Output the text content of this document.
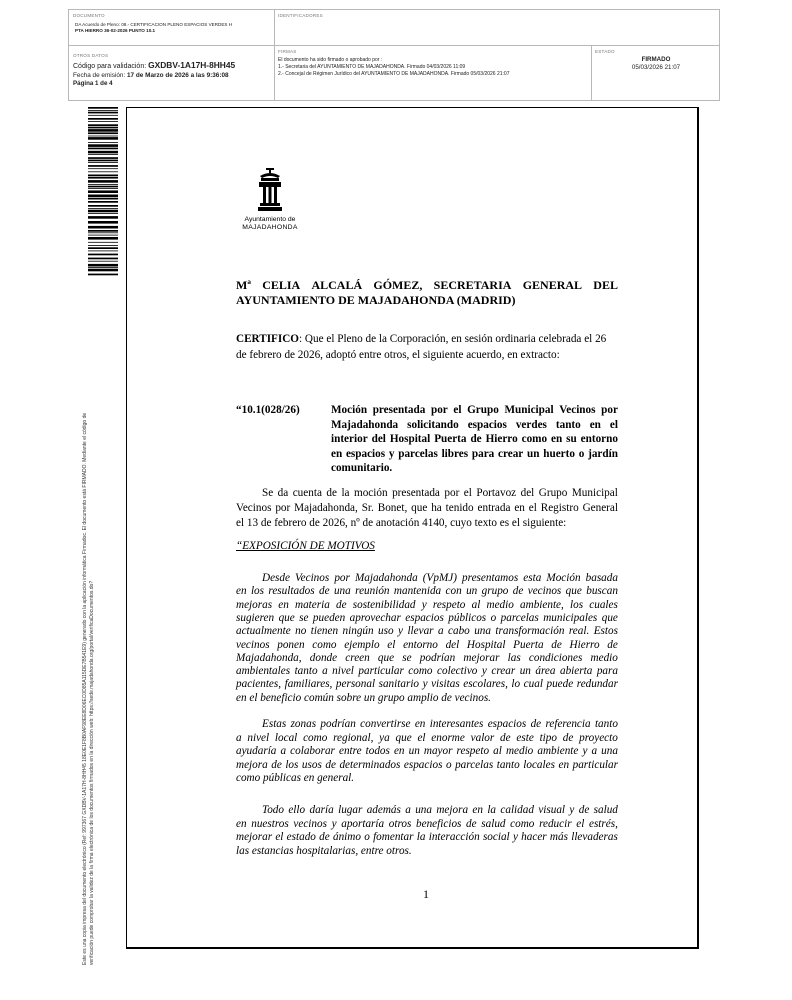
DOCUMENTO
DA Acuerdo de Pleno: 08.- CERTIFICACION PLENO ESPACIOS VERDES H
PTA HIERRO 36-02-2026 PUNTO 10.1
IDENTIFICADORES
OTROS DATOS
Código para validación: GXDBV-1A17H-8HH45
Fecha de emisión: 17 de Marzo de 2026 a las 9:36:08
Página 1 de 4
FIRMAS
El documento ha sido firmado o aprobado por :
1.- Secretaria del AYUNTAMIENTO DE MAJADAHONDA. Firmado 04/03/2026 11:09
2.- Concejal de Régimen Jurídico del AYUNTAMIENTO DE MAJADAHONDA. Firmado 05/03/2026 21:07
ESTADO
FIRMADO
05/03/2026 21:07
Este es una copia impresa del documento electrónico (Ref: 997367 GXDBV-1A17H-8HH45 18E0E1F8B0AF98EE8D06EC0D85A115DE7B541E9) generado con la aplicación informática Firmadoc. El documento está FIRMADO. Mediante el código de verificación puede comprobar la validez de la firma electrónica de los documentos firmados en la dirección web: https://sede.majadahonda.org/portal/verificaDocumentos.do?
Ayuntamiento de
MAJADAHONDA
Mª CELIA ALCALÁ GÓMEZ, SECRETARIA GENERAL DEL
AYUNTAMIENTO DE MAJADAHONDA (MADRID)
CERTIFICO: Que el Pleno de la Corporación, en sesión ordinaria celebrada el 26
de febrero de 2026, adoptó entre otros, el siguiente acuerdo, en extracto:
“10.1(028/26)	Moción presentada por el Grupo Municipal Vecinos por
Majadahonda solicitando espacios verdes tanto en el
interior del Hospital Puerta de Hierro como en su entorno
en espacios y parcelas libres para crear un huerto o jardín
comunitario.
Se da cuenta de la moción presentada por el Portavoz del Grupo Municipal
Vecinos por Majadahonda, Sr. Bonet, que ha tenido entrada en el Registro General
el 13 de febrero de 2026, nº de anotación 4140, cuyo texto es el siguiente:
“EXPOSICIÓN DE MOTIVOS
Desde Vecinos por Majadahonda (VpMJ) presentamos esta Moción basada
en los resultados de una reunión mantenida con un grupo de vecinos que buscan
mejoras en materia de sostenibilidad y respeto al medio ambiente, los cuales
sugieren que se pueden aprovechar espacios públicos o parcelas municipales que
actualmente no tienen ningún uso y llevar a cabo una transformación real. Estos
vecinos ponen como ejemplo el entorno del Hospital Puerta de Hierro de
Majadahonda, donde creen que se podrían mejorar las condiciones medio
ambientales tanto a nivel particular como colectivo y crear un área abierta para
pacientes, familiares, personal sanitario y visitas escolares, lo cual puede redundar
en el beneficio común sobre un grupo amplio de vecinos.
Estas zonas podrían convertirse en interesantes espacios de referencia tanto
a nivel local como regional, ya que el enorme valor de este tipo de proyecto
ayudaría a colaborar entre todos en un mayor respeto al medio ambiente y a una
mejora de los usos de determinados espacios o parcelas tanto locales en particular
como públicas en general.
Todo ello daría lugar además a una mejora en la calidad visual y de salud
en nuestros vecinos y aportaría otros beneficios de salud como reducir el estrés,
mejorar el estado de ánimo o fomentar la interacción social y hacer más llevaderas
las estancias hospitalarias, entre otros.
1
